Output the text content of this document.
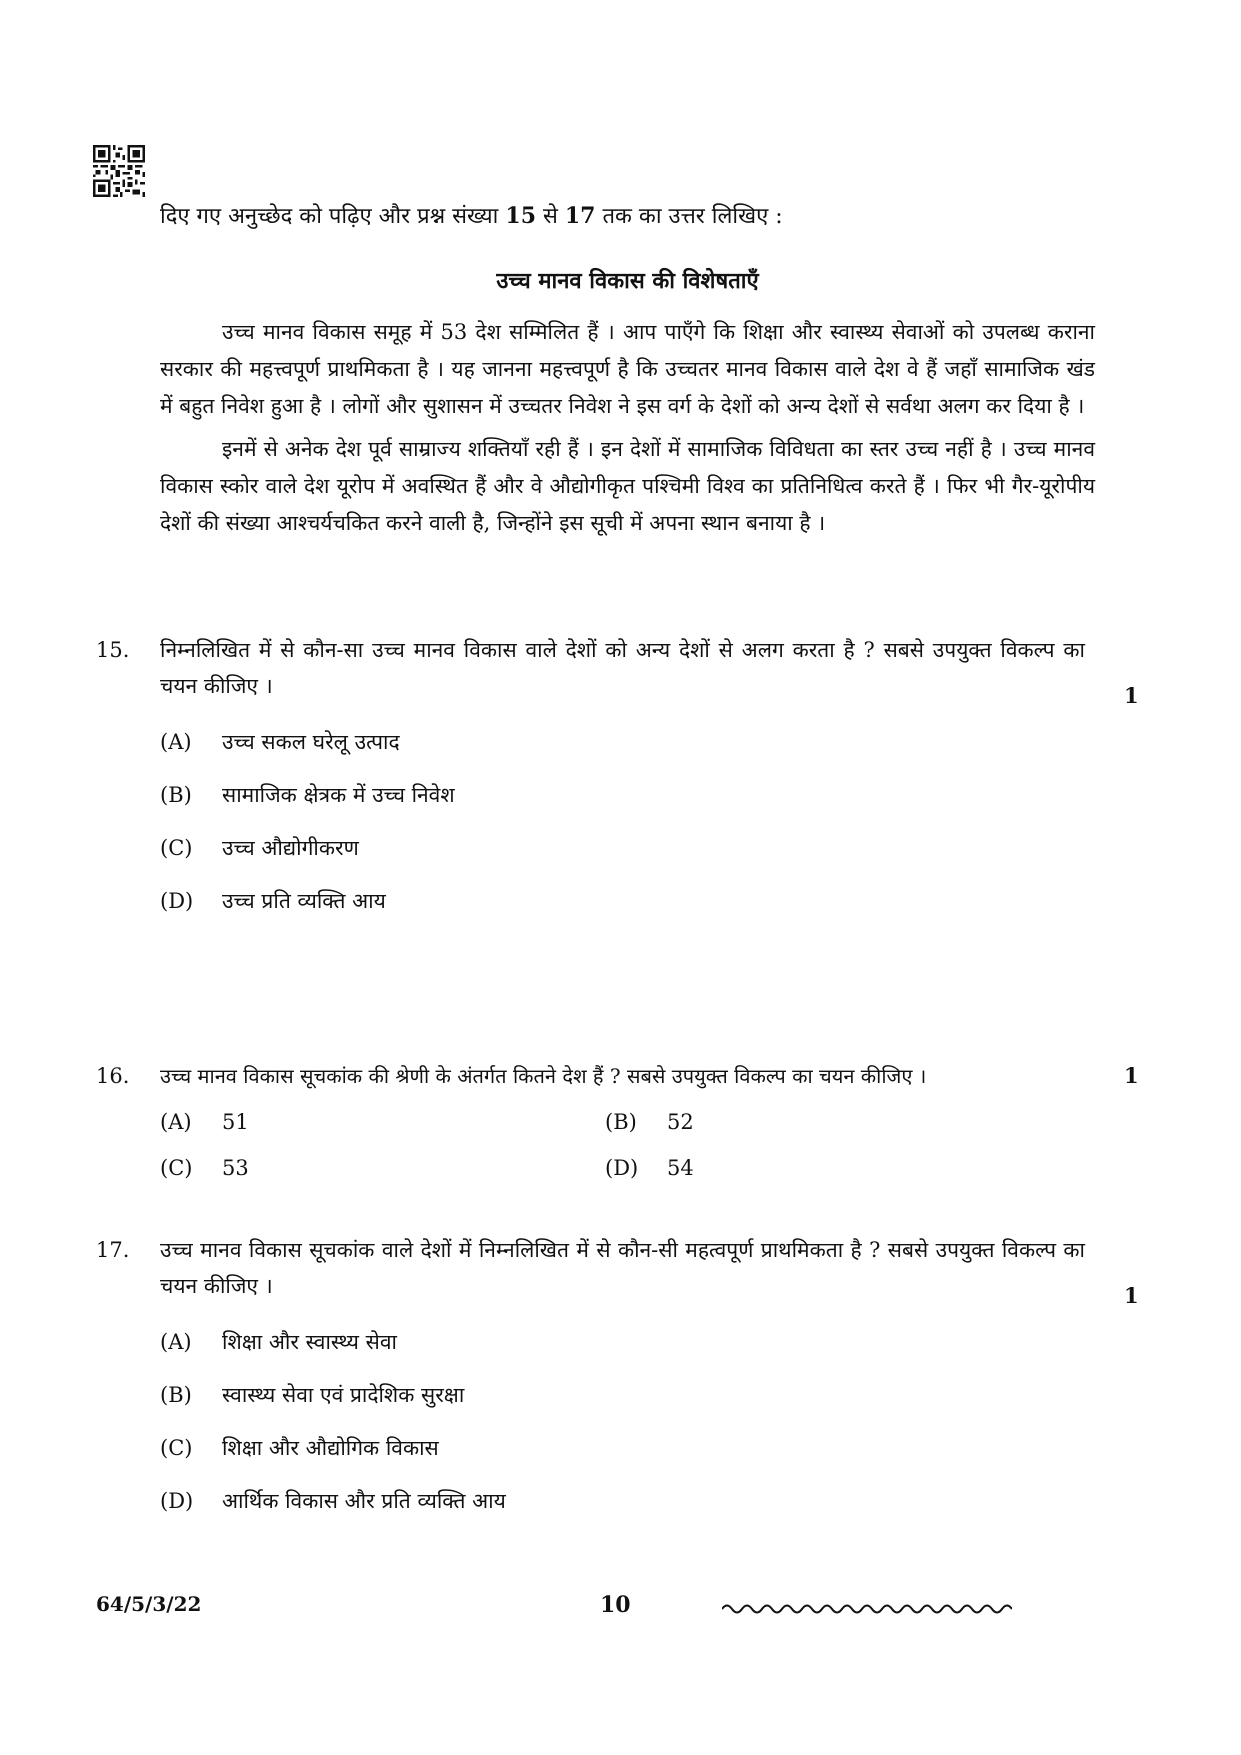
दिए गए अनुच्छेद को पढ़िए और प्रश्न संख्या 15 से 17 तक का उत्तर लिखिए :
उच्च मानव विकास की विशेषताएँ

उच्च मानव विकास समूह में 53 देश सम्मिलित हैं । आप पाएँगे कि शिक्षा और स्वास्थ्य सेवाओं को उपलब्ध कराना सरकार की महत्त्वपूर्ण प्राथमिकता है । यह जानना महत्त्वपूर्ण है कि उच्चतर मानव विकास वाले देश वे हैं जहाँ सामाजिक खंड में बहुत निवेश हुआ है । लोगों और सुशासन में उच्चतर निवेश ने इस वर्ग के देशों को अन्य देशों से सर्वथा अलग कर दिया है ।

इनमें से अनेक देश पूर्व साम्राज्य शक्तियाँ रही हैं । इन देशों में सामाजिक विविधता का स्तर उच्च नहीं है । उच्च मानव विकास स्कोर वाले देश यूरोप में अवस्थित हैं और वे औद्योगीकृत पश्चिमी विश्व का प्रतिनिधित्व करते हैं । फिर भी गैर-यूरोपीय देशों की संख्या आश्चर्यचकित करने वाली है, जिन्होंने इस सूची में अपना स्थान बनाया है ।

15.	निम्नलिखित में से कौन-सा उच्च मानव विकास वाले देशों को अन्य देशों से अलग करता है ? सबसे उपयुक्त विकल्प का चयन कीजिए ।	1
(A) उच्च सकल घरेलू उत्पाद
(B) सामाजिक क्षेत्रक में उच्च निवेश
(C) उच्च औद्योगीकरण
(D) उच्च प्रति व्यक्ति आय
16.	उच्च मानव विकास सूचकांक की श्रेणी के अंतर्गत कितने देश हैं ? सबसे उपयुक्त विकल्प का चयन कीजिए ।	1
(A) 51	(B) 52
(C) 53	(D) 54
17.	उच्च मानव विकास सूचकांक वाले देशों में निम्नलिखित में से कौन-सी महत्वपूर्ण प्राथमिकता है ? सबसे उपयुक्त विकल्प का चयन कीजिए ।	1
(A) शिक्षा और स्वास्थ्य सेवा
(B) स्वास्थ्य सेवा एवं प्रादेशिक सुरक्षा
(C) शिक्षा और औद्योगिक विकास
(D) आर्थिक विकास और प्रति व्यक्ति आय
64/5/3/22	10
